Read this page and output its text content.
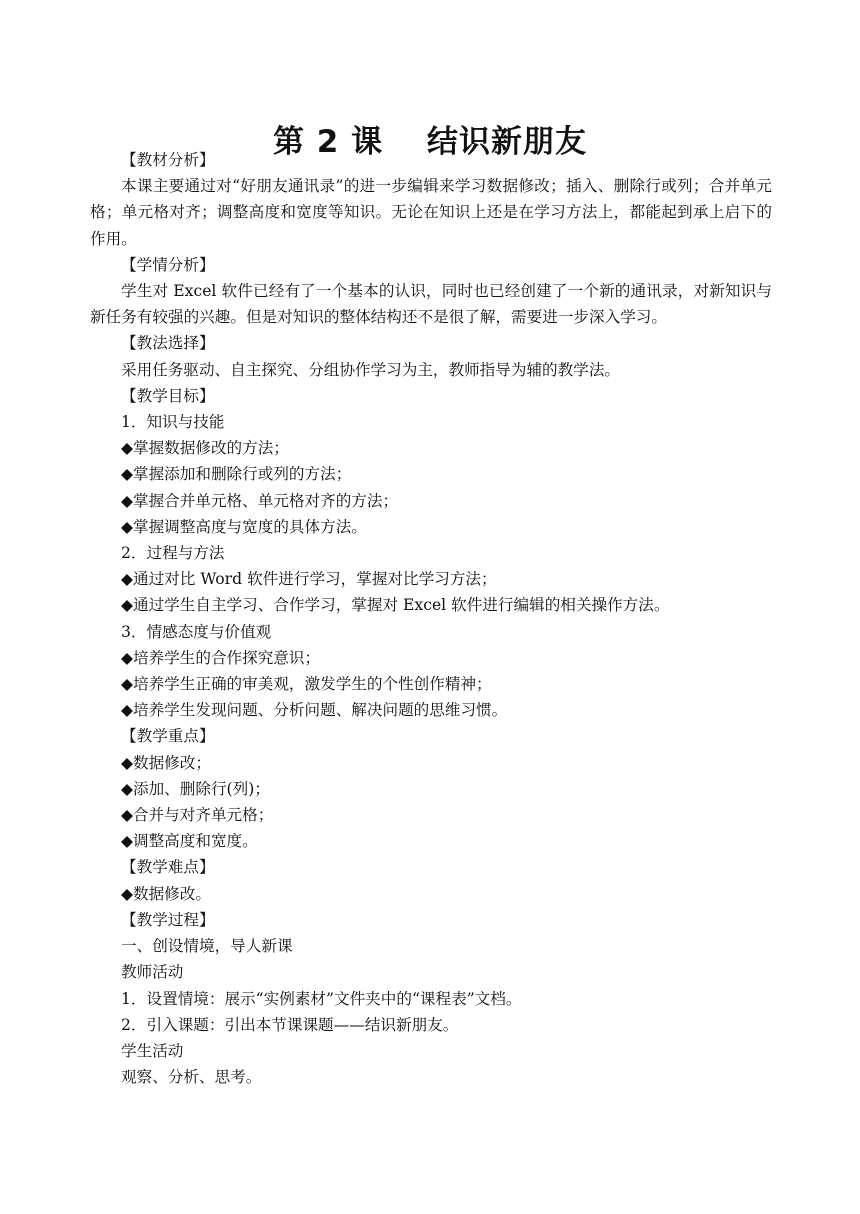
第 2 课　 结识新朋友

【教材分析】

本课主要通过对“好朋友通讯录”的进一步编辑来学习数据修改；插入、删除行或列；合并单元格；单元格对齐；调整高度和宽度等知识。无论在知识上还是在学习方法上，都能起到承上启下的作用。

【学情分析】

学生对 Excel 软件已经有了一个基本的认识，同时也已经创建了一个新的通讯录，对新知识与新任务有较强的兴趣。但是对知识的整体结构还不是很了解，需要进一步深入学习。

【教法选择】

采用任务驱动、自主探究、分组协作学习为主，教师指导为辅的教学法。

【教学目标】

1．知识与技能

◆掌握数据修改的方法；

◆掌握添加和删除行或列的方法；

◆掌握合并单元格、单元格对齐的方法；

◆掌握调整高度与宽度的具体方法。

2．过程与方法

◆通过对比 Word 软件进行学习，掌握对比学习方法；

◆通过学生自主学习、合作学习，掌握对 Excel 软件进行编辑的相关操作方法。

3．情感态度与价值观

◆培养学生的合作探究意识；

◆培养学生正确的审美观，激发学生的个性创作精神；

◆培养学生发现问题、分析问题、解决问题的思维习惯。

【教学重点】

◆数据修改；

◆添加、删除行(列)；

◆合并与对齐单元格；

◆调整高度和宽度。

【教学难点】

◆数据修改。

【教学过程】

一、创设情境，导人新课

教师活动

1．设置情境：展示“实例素材”文件夹中的“课程表”文档。

2．引入课题：引出本节课课题——结识新朋友。

学生活动

观察、分析、思考。
